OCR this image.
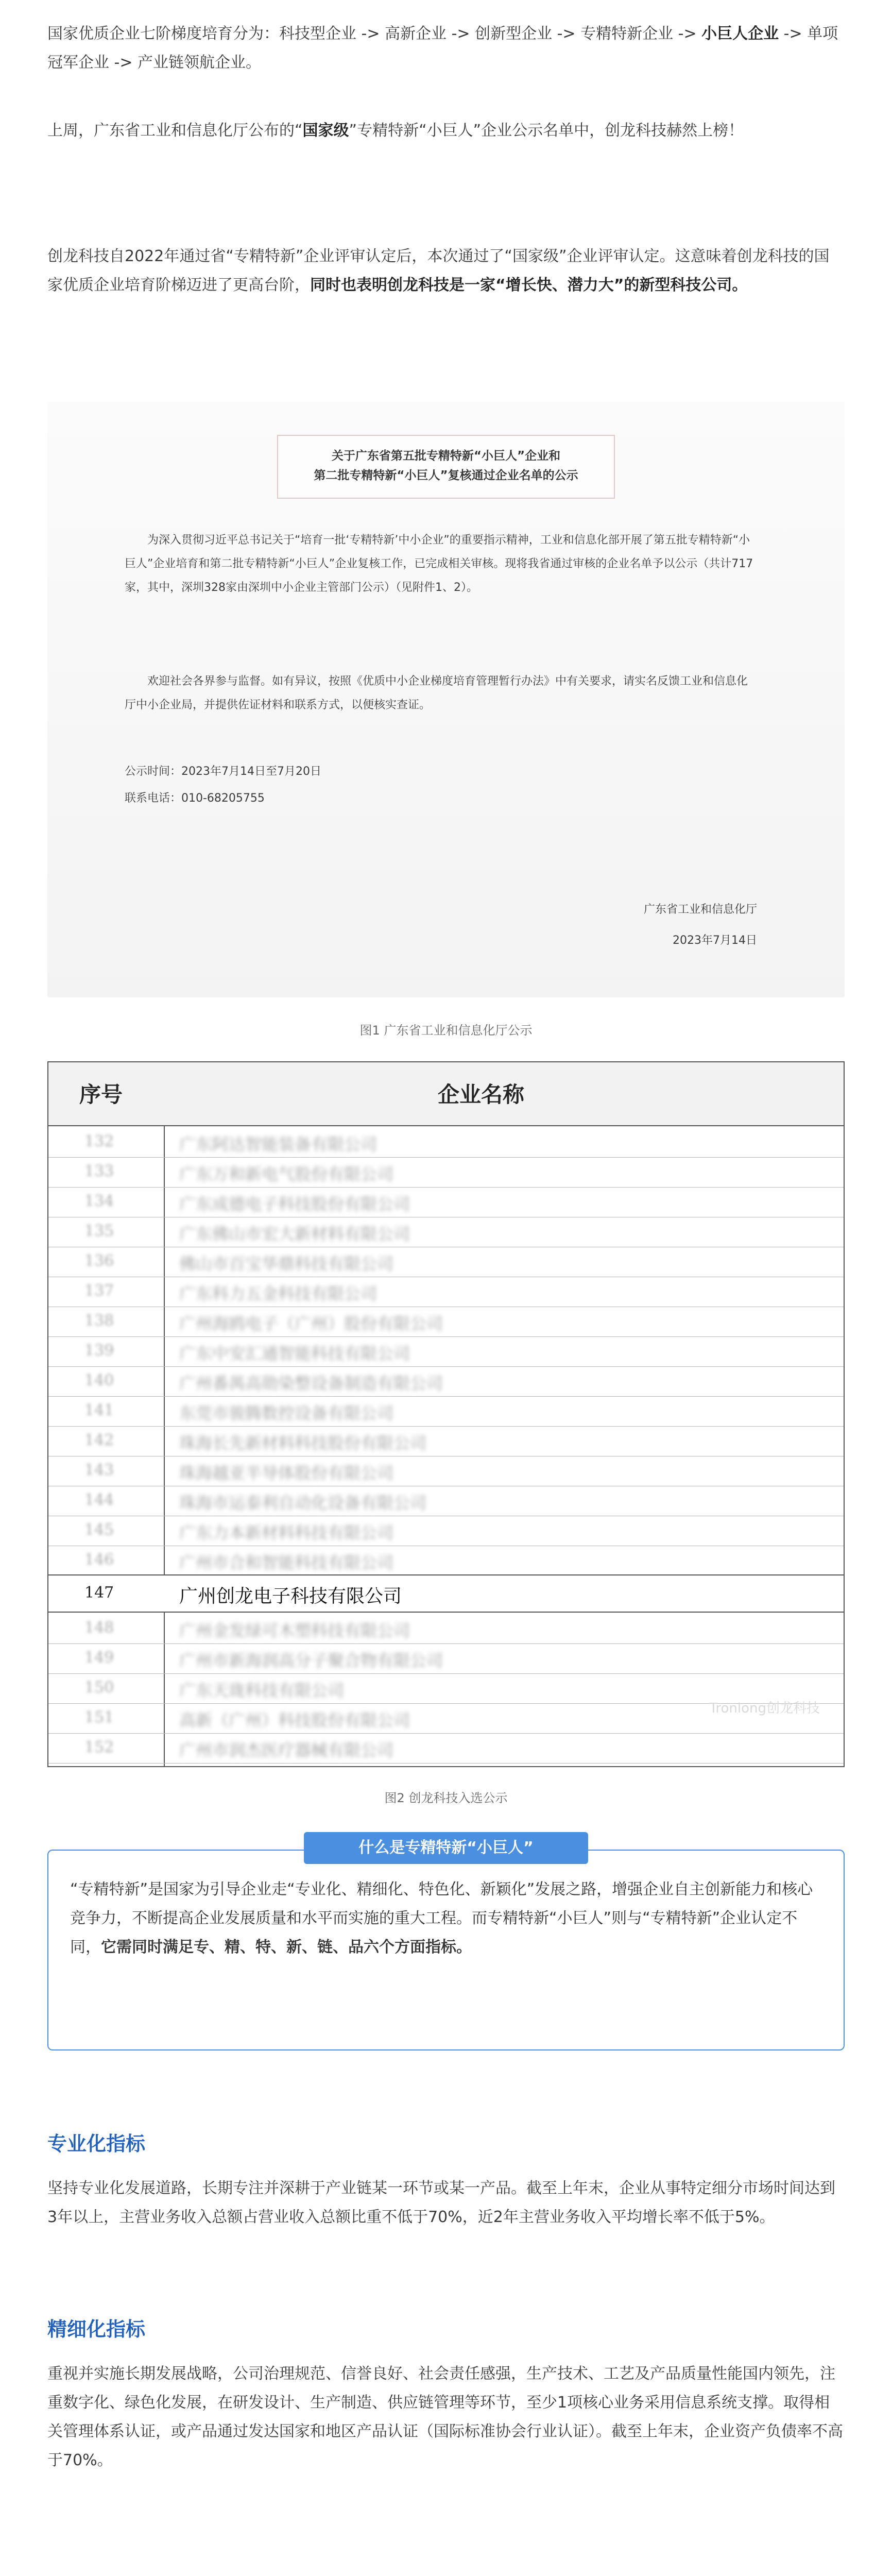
国家优质企业七阶梯度培育分为：科技型企业 -> 高新企业 -> 创新型企业 -> 专精特新企业 -> 小巨人企业 -> 单项冠军企业 -> 产业链领航企业。

上周，广东省工业和信息化厅公布的“国家级”专精特新“小巨人”企业公示名单中，创龙科技赫然上榜！

创龙科技自2022年通过省“专精特新”企业评审认定后，本次通过了“国家级”企业评审认定。这意味着创龙科技的国家优质企业培育阶梯迈进了更高台阶，同时也表明创龙科技是一家“增长快、潜力大”的新型科技公司。

关于广东省第五批专精特新“小巨人”企业和
第二批专精特新“小巨人”复核通过企业名单的公示
为深入贯彻习近平总书记关于“培育一批‘专精特新’中小企业”的重要指示精神，工业和信息化部开展了第五批专精特新“小巨人”企业培育和第二批专精特新“小巨人”企业复核工作，已完成相关审核。现将我省通过审核的企业名单予以公示（共计717家，其中，深圳328家由深圳中小企业主管部门公示）（见附件1、2）。
欢迎社会各界参与监督。如有异议，按照《优质中小企业梯度培育管理暂行办法》中有关要求，请实名反馈工业和信息化厅中小企业局，并提供佐证材料和联系方式，以便核实查证。
公示时间：2023年7月14日至7月20日
联系电话：010-68205755
广东省工业和信息化厅
2023年7月14日
图1 广东省工业和信息化厅公示
序号	企业名称
132	广东阿达智能装备有限公司
133	广东万和新电气股份有限公司
134	广东成德电子科技股份有限公司
135	广东佛山市宏大新材料有限公司
136	佛山市百宝华鼎科技有限公司
137	广东科力五金科技有限公司
138	广州海鸥电子（广州）股份有限公司
139	广东中安汇通智能科技有限公司
140	广州番禺高勋染整设备制造有限公司
141	东莞市骏腾数控设备有限公司
142	珠海长先新材料科技股份有限公司
143	珠海越亚半导体股份有限公司
144	珠海市运泰利自动化设备有限公司
145	广东力本新材料科技有限公司
146	广州市合和智能科技有限公司
147	广州创龙电子科技有限公司
148	广州金发绿可木塑科技有限公司
149	广州市新海润高分子聚合物有限公司
150	广东天珑科技有限公司
151	高新（广州）科技股份有限公司
152	广州市润杰医疗器械有限公司
Tronlong创龙科技
图2 创龙科技入选公示
什么是专精特新“小巨人”
“专精特新”是国家为引导企业走“专业化、精细化、特色化、新颖化”发展之路，增强企业自主创新能力和核心竞争力，不断提高企业发展质量和水平而实施的重大工程。而专精特新“小巨人”则与“专精特新”企业认定不同，它需同时满足专、精、特、新、链、品六个方面指标。
专业化指标

坚持专业化发展道路，长期专注并深耕于产业链某一环节或某一产品。截至上年末，企业从事特定细分市场时间达到3年以上，主营业务收入总额占营业收入总额比重不低于70%，近2年主营业务收入平均增长率不低于5%。

精细化指标

重视并实施长期发展战略，公司治理规范、信誉良好、社会责任感强，生产技术、工艺及产品质量性能国内领先，注重数字化、绿色化发展，在研发设计、生产制造、供应链管理等环节，至少1项核心业务采用信息系统支撑。取得相关管理体系认证，或产品通过发达国家和地区产品认证（国际标准协会行业认证）。截至上年末，企业资产负债率不高于70%。
